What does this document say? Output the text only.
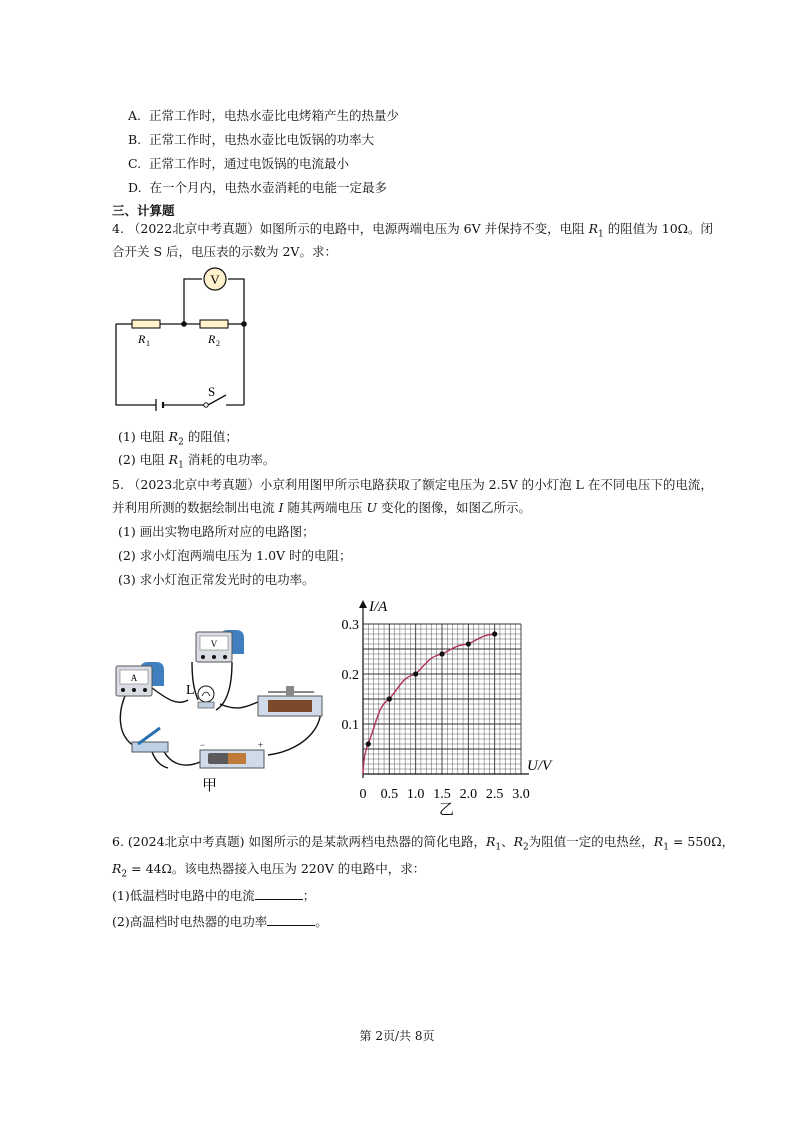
A. 正常工作时，电热水壶比电烤箱产生的热量少
B. 正常工作时，电热水壶比电饭锅的功率大
C. 正常工作时，通过电饭锅的电流最小
D. 在一个月内，电热水壶消耗的电能一定最多
三、计算题
4. （2022北京中考真题）如图所示的电路中，电源两端电压为 6V 并保持不变，电阻 $R_1$ 的阻值为 10Ω。闭
合开关 S 后，电压表的示数为 2V。求：
V
R 1	R 2
S
(1) 电阻 $R_2$ 的阻值；
(2) 电阻 $R_1$ 消耗的电功率。
5. （2023北京中考真题）小京利用图甲所示电路获取了额定电压为 2.5V 的小灯泡 L 在不同电压下的电流，
并利用所测的数据绘制出电流 I 随其两端电压 U 变化的图像，如图乙所示。
(1) 画出实物电路所对应的电路图；
(2) 求小灯泡两端电压为 1.0V 时的电阻；
(3) 求小灯泡正常发光时的电功率。
A
V
L
−	+
甲
0 0.5 1.0 1.5 2.0 2.5 3.0
0.1
0.2
0.3
I/A
U/V
乙
6. (2024北京中考真题) 如图所示的是某款两档电热器的简化电路，$R_1$、$R_2$为阻值一定的电热丝，$R_1 = 550\Omega$，
$R_2 = 44\Omega$。该电热器接入电压为 220V 的电路中，求：
(1)低温档时电路中的电流	；
(2)高温档时电热器的电功率	。
第 2页/共 8页
